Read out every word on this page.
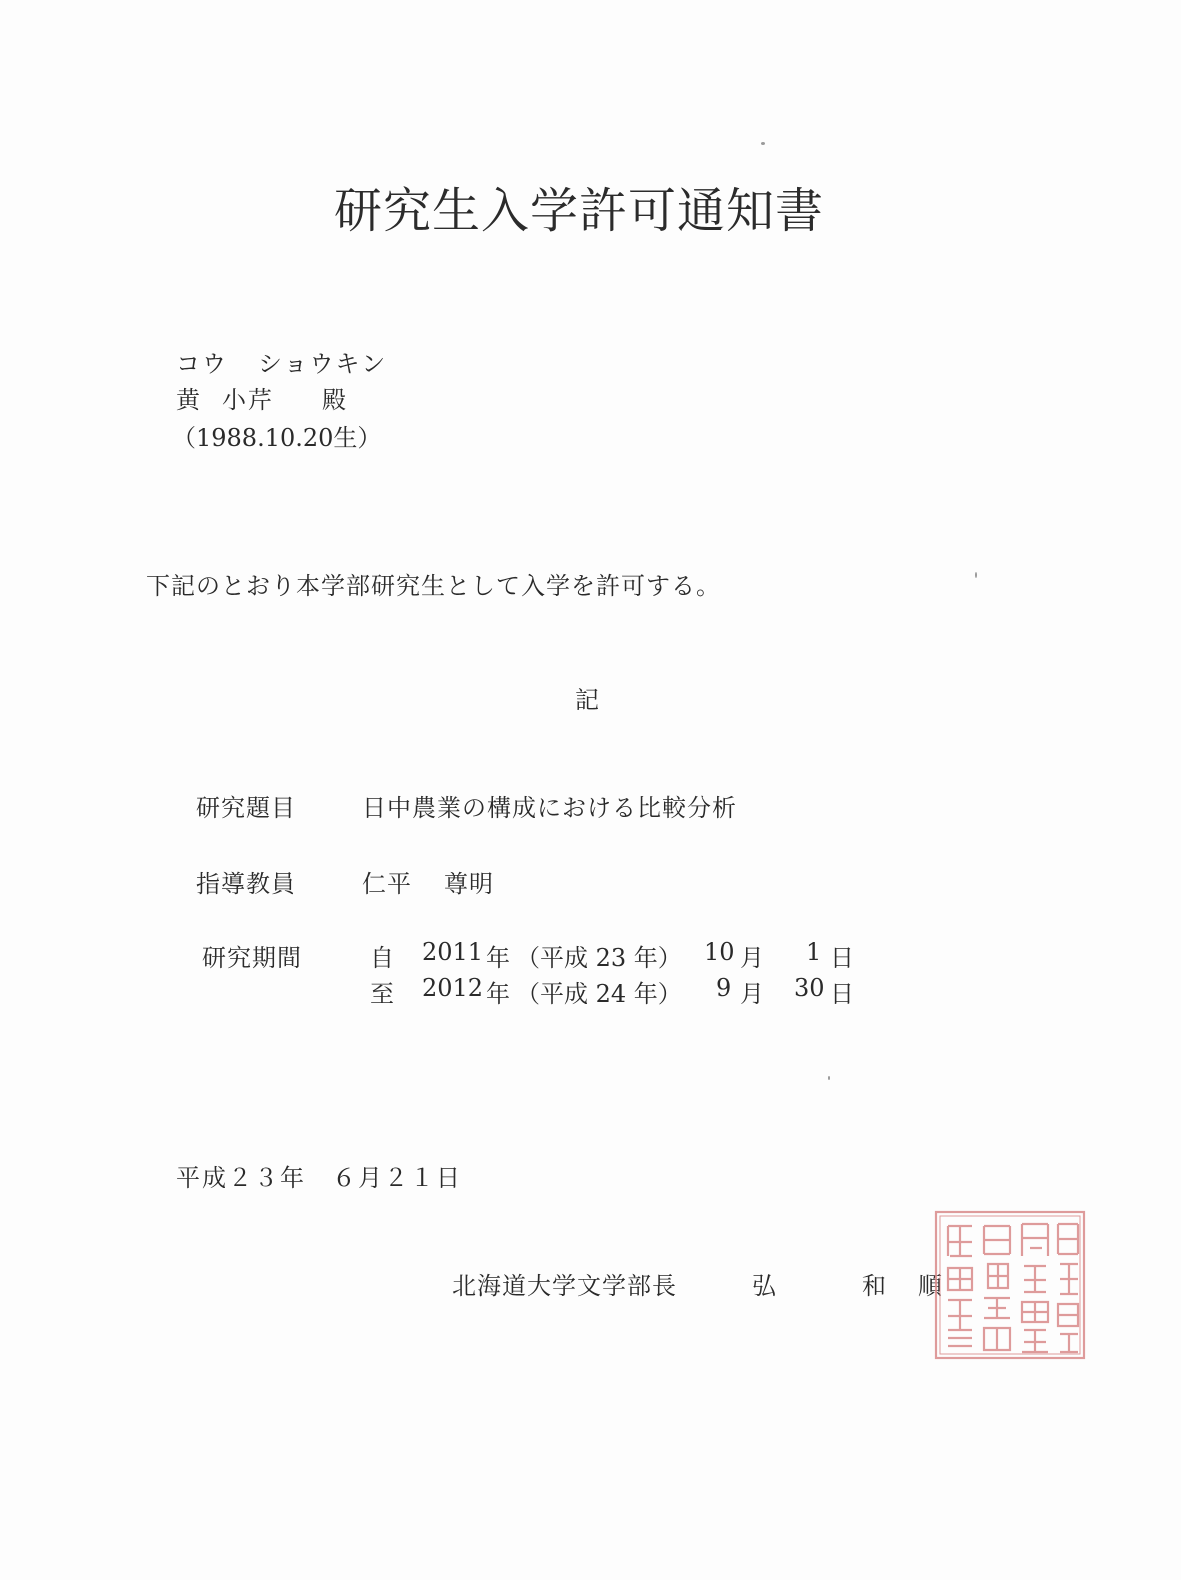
研究生入学許可通知書
コウ ショウキン
黄 小芹 殿
（1988.10.20生）
下記のとおり本学部研究生として入学を許可する。
記
研究題目	日中農業の構成における比較分析
指導教員	仁平 尊明
研究期間	自 2011 年 （平成 23 年） 10 月 1 日
至 2012 年 （平成 24 年） 9 月 30 日
平成２３年　６月２１日
北海道大学文学部長	弘	和 順
